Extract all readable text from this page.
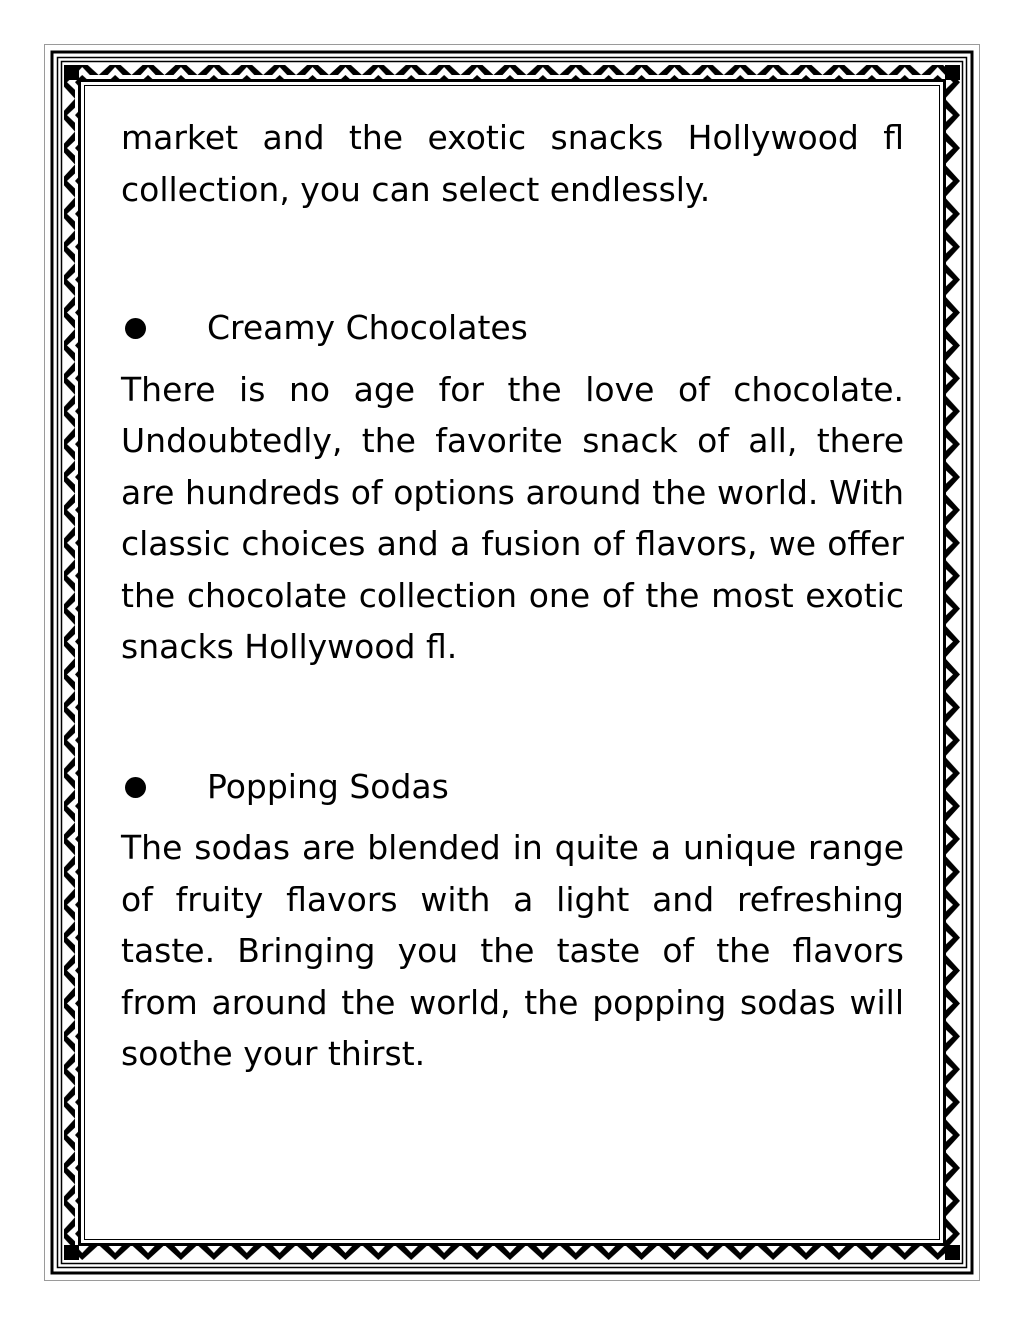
market and the exotic snacks Hollywood fl collection, you can select endlessly.

Creamy Chocolates

There is no age for the love of chocolate. Undoubtedly, the favorite snack of all, there are hundreds of options around the world. With classic choices and a fusion of flavors, we offer the chocolate collection one of the most exotic snacks Hollywood fl.

Popping Sodas

The sodas are blended in quite a unique range of fruity flavors with a light and refreshing taste. Bringing you the taste of the flavors from around the world, the popping sodas will soothe your thirst.
